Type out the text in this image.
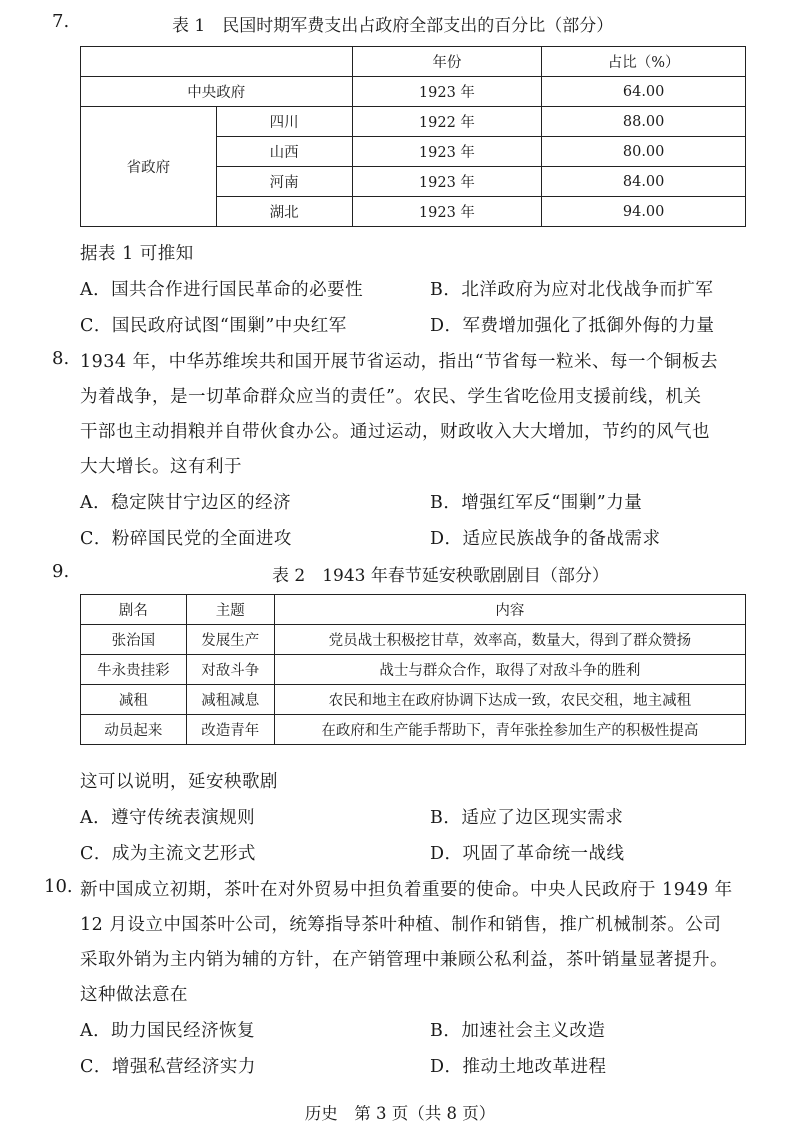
7.	表 1　民国时期军费支出占政府全部支出的百分比（部分）
		年份	占比（%）
中央政府		1923 年	64.00
省政府	四川	1922 年	88.00
	山西	1923 年	80.00
	河南	1923 年	84.00
	湖北	1923 年	94.00
据表 1 可推知
A．国共合作进行国民革命的必要性	B．北洋政府为应对北伐战争而扩军
C．国民政府试图“围剿”中央红军	D．军费增加强化了抵御外侮的力量
8. 1934 年，中华苏维埃共和国开展节省运动，指出“节省每一粒米、每一个铜板去
为着战争，是一切革命群众应当的责任”。农民、学生省吃俭用支援前线，机关
干部也主动捐粮并自带伙食办公。通过运动，财政收入大大增加，节约的风气也
大大增长。这有利于
A．稳定陕甘宁边区的经济	B．增强红军反“围剿”力量
C．粉碎国民党的全面进攻	D．适应民族战争的备战需求
9.	表 2　1943 年春节延安秧歌剧剧目（部分）
剧名	主题	内容
张治国	发展生产	党员战士积极挖甘草，效率高，数量大，得到了群众赞扬
牛永贵挂彩	对敌斗争	战士与群众合作，取得了对敌斗争的胜利
减租	减租减息	农民和地主在政府协调下达成一致，农民交租，地主减租
动员起来	改造青年	在政府和生产能手帮助下，青年张拴参加生产的积极性提高
这可以说明，延安秧歌剧
A．遵守传统表演规则	B．适应了边区现实需求
C．成为主流文艺形式	D．巩固了革命统一战线
10. 新中国成立初期，茶叶在对外贸易中担负着重要的使命。中央人民政府于 1949 年
12 月设立中国茶叶公司，统筹指导茶叶种植、制作和销售，推广机械制茶。公司
采取外销为主内销为辅的方针，在产销管理中兼顾公私利益，茶叶销量显著提升。
这种做法意在
A．助力国民经济恢复	B．加速社会主义改造
C．增强私营经济实力	D．推动土地改革进程
历史　第 3 页（共 8 页）
